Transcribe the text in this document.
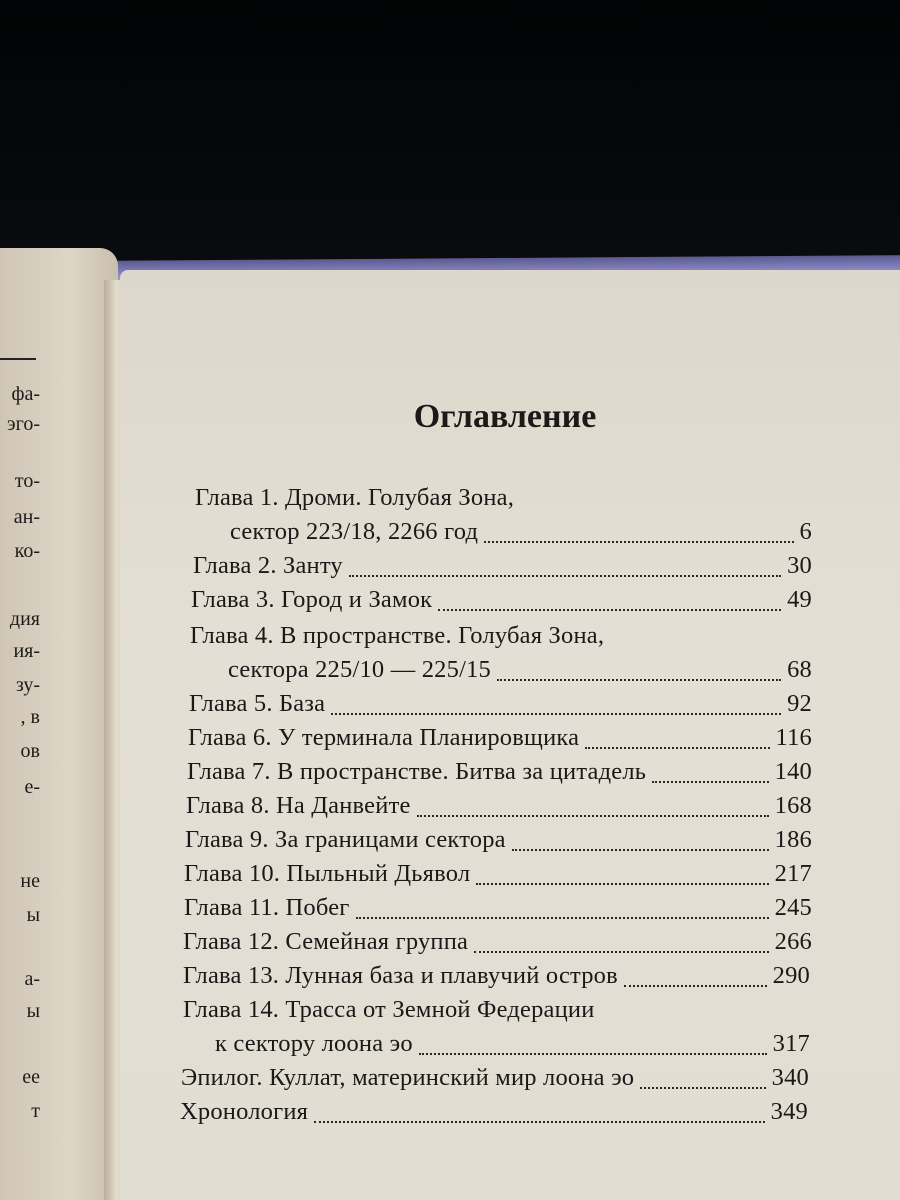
фа-
эго-
то-
ан-
ко-
дия
ия-
зу-
, в
ов
е-
не
ы
а-
ы
ее
т
Оглавление
Глава 1. Дроми. Голубая Зона,
сектор 223/18, 2266 год	6
Глава 2. Занту	30
Глава 3. Город и Замок	49
Глава 4. В пространстве. Голубая Зона,
сектора 225/10 — 225/15	68
Глава 5. База	92
Глава 6. У терминала Планировщика	116
Глава 7. В пространстве. Битва за цитадель	140
Глава 8. На Данвейте	168
Глава 9. За границами сектора	186
Глава 10. Пыльный Дьявол	217
Глава 11. Побег	245
Глава 12. Семейная группа	266
Глава 13. Лунная база и плавучий остров	290
Глава 14. Трасса от Земной Федерации
к сектору лоона эо	317
Эпилог. Куллат, материнский мир лоона эо	340
Хронология	349
